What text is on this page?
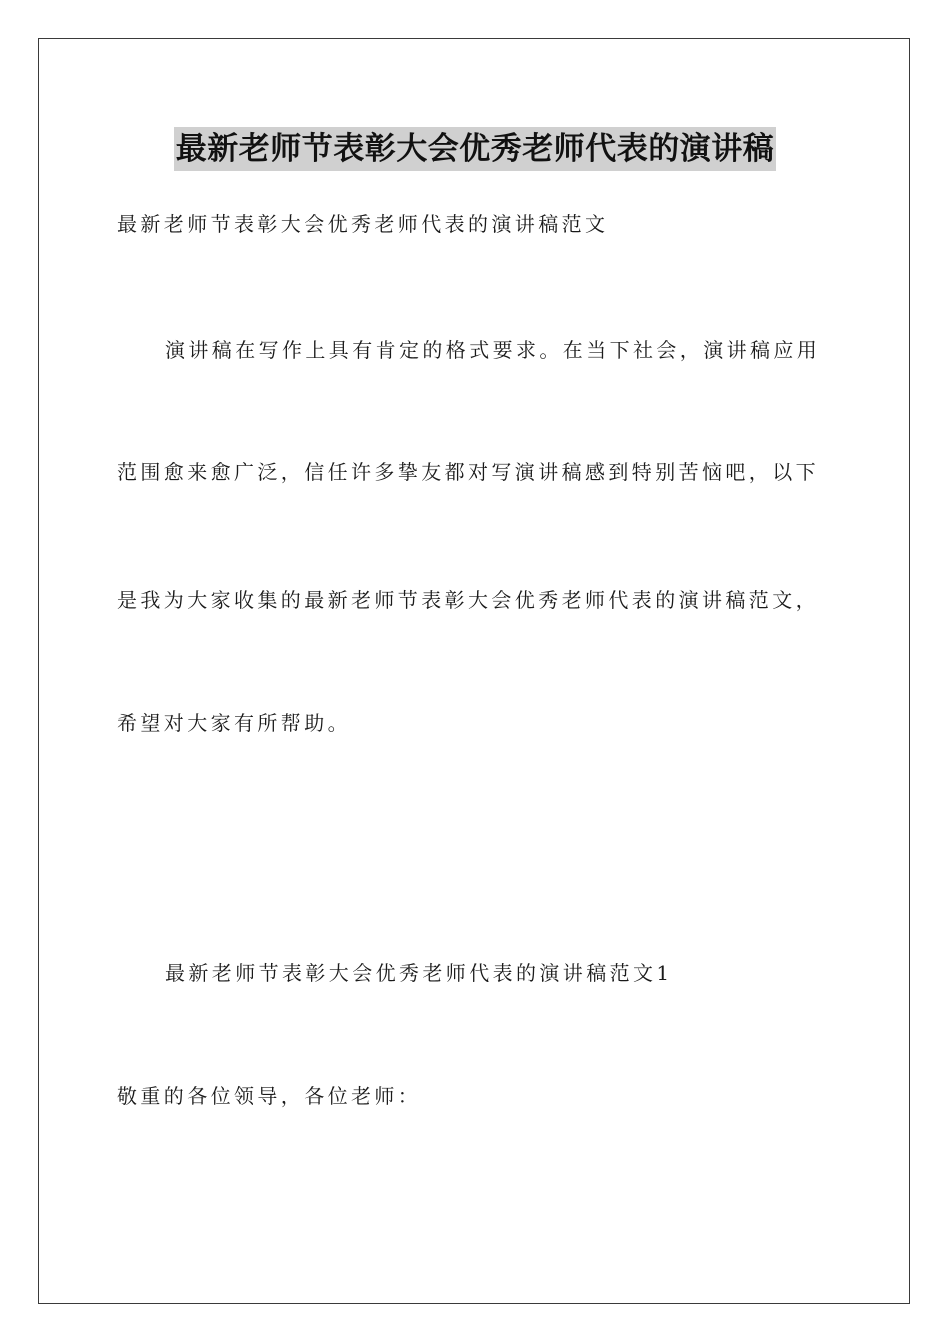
最新老师节表彰大会优秀老师代表的演讲稿
最新老师节表彰大会优秀老师代表的演讲稿范文
演讲稿在写作上具有肯定的格式要求。在当下社会，演讲稿应用
范围愈来愈广泛，信任许多挚友都对写演讲稿感到特别苦恼吧，以下
是我为大家收集的最新老师节表彰大会优秀老师代表的演讲稿范文，
希望对大家有所帮助。
最新老师节表彰大会优秀老师代表的演讲稿范文1
敬重的各位领导，各位老师：
